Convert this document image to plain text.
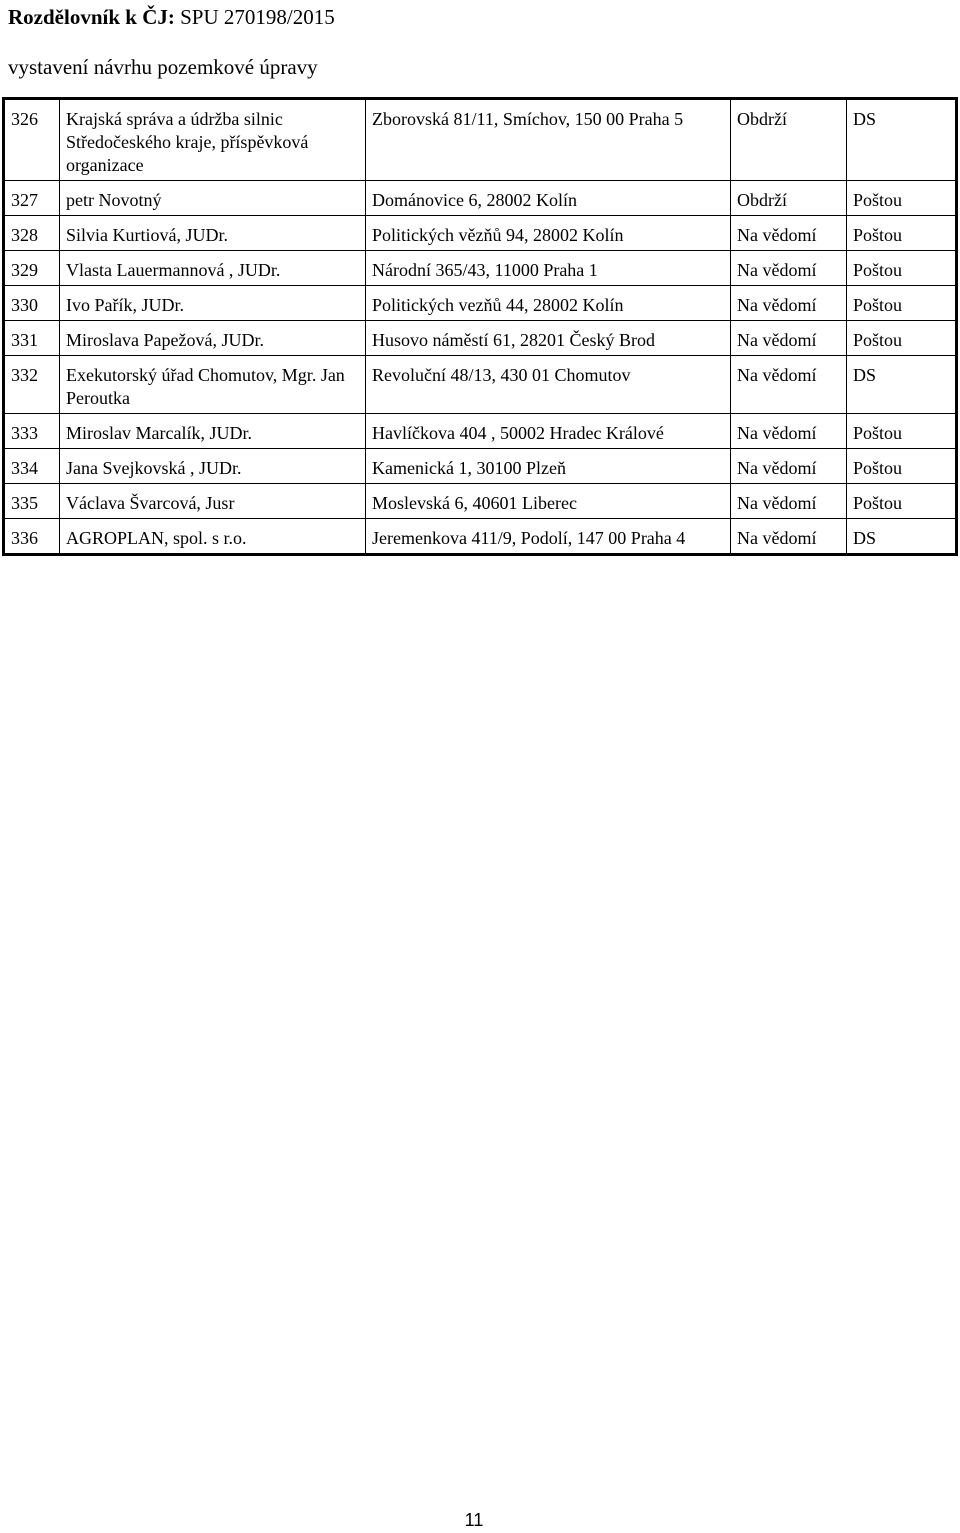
Rozdělovník k ČJ: SPU 270198/2015
vystavení návrhu pozemkové úpravy
326	Krajská správa a údržba silnic Středočeského kraje, příspěvková organizace	Zborovská 81/11, Smíchov, 150 00 Praha 5	Obdrží	DS
327	petr Novotný	Dománovice 6, 28002 Kolín	Obdrží	Poštou
328	Silvia Kurtiová, JUDr.	Politických vězňů 94, 28002 Kolín	Na vědomí	Poštou
329	Vlasta Lauermannová , JUDr.	Národní 365/43, 11000 Praha 1	Na vědomí	Poštou
330	Ivo Pařík, JUDr.	Politických vezňů 44, 28002 Kolín	Na vědomí	Poštou
331	Miroslava Papežová, JUDr.	Husovo náměstí 61, 28201 Český Brod	Na vědomí	Poštou
332	Exekutorský úřad Chomutov, Mgr. Jan Peroutka	Revoluční 48/13, 430 01 Chomutov	Na vědomí	DS
333	Miroslav Marcalík, JUDr.	Havlíčkova 404 , 50002 Hradec Králové	Na vědomí	Poštou
334	Jana Svejkovská , JUDr.	Kamenická 1, 30100 Plzeň	Na vědomí	Poštou
335	Václava Švarcová, Jusr	Moslevská 6, 40601 Liberec	Na vědomí	Poštou
336	AGROPLAN, spol. s r.o.	Jeremenkova 411/9, Podolí, 147 00 Praha 4	Na vědomí	DS
11
